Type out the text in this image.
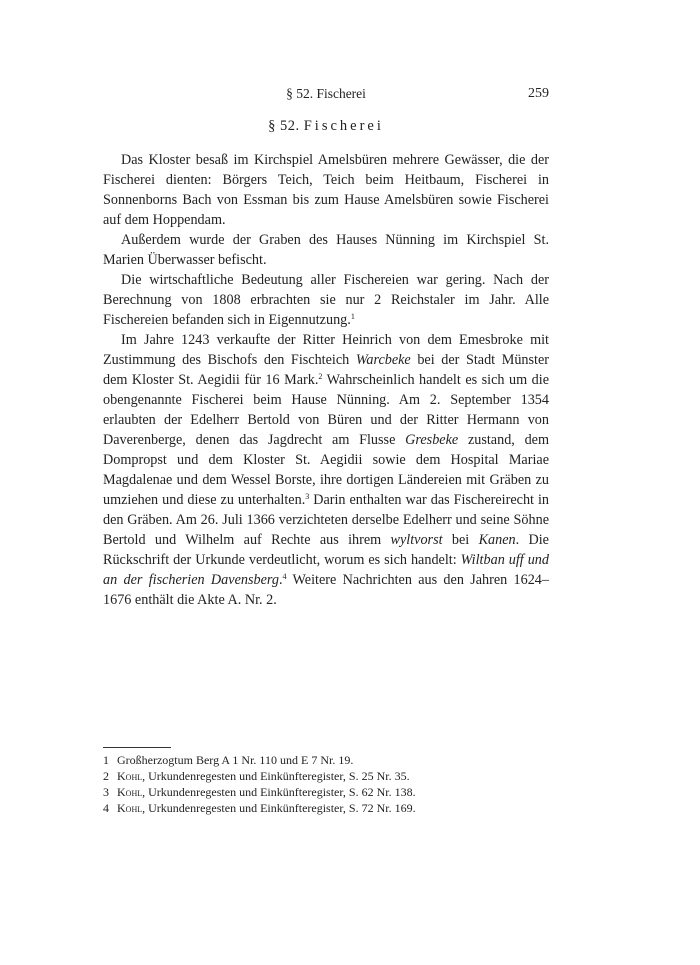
§ 52. Fischerei	259
§ 52. Fischerei

Das Kloster besaß im Kirchspiel Amelsbüren mehrere Gewässer, die der Fischerei dienten: Börgers Teich, Teich beim Heitbaum, Fischerei in Sonnenborns Bach von Essman bis zum Hause Amelsbüren sowie Fischerei auf dem Hoppendam.

Außerdem wurde der Graben des Hauses Nünning im Kirchspiel St. Marien Überwasser befischt.

Die wirtschaftliche Bedeutung aller Fischereien war gering. Nach der Berechnung von 1808 erbrachten sie nur 2 Reichstaler im Jahr. Alle Fischereien befanden sich in Eigennutzung.$^1$

Im Jahre 1243 verkaufte der Ritter Heinrich von dem Emesbroke mit Zustimmung des Bischofs den Fischteich Warcbeke bei der Stadt Münster dem Kloster St. Aegidii für 16 Mark.$^2$ Wahrscheinlich handelt es sich um die obengenannte Fischerei beim Hause Nünning. Am 2. September 1354 erlaubten der Edelherr Bertold von Büren und der Ritter Hermann von Daverenberge, denen das Jagdrecht am Flusse Gresbeke zustand, dem Dompropst und dem Kloster St. Aegidii sowie dem Hospital Mariae Magdalenae und dem Wessel Borste, ihre dortigen Ländereien mit Gräben zu umziehen und diese zu unterhalten.$^3$ Darin enthalten war das Fischereirecht in den Gräben. Am 26. Juli 1366 verzichteten derselbe Edelherr und seine Söhne Bertold und Wilhelm auf Rechte aus ihrem wyltvorst bei Kanen. Die Rückschrift der Urkunde verdeutlicht, worum es sich handelt: Wiltban uff und an der fischerien Davensberg.$^4$ Weitere Nachrichten aus den Jahren 1624–1676 enthält die Akte A. Nr. 2.

1 Großherzogtum Berg A 1 Nr. 110 und E 7 Nr. 19.
2 Kohl, Urkundenregesten und Einkünfteregister, S. 25 Nr. 35.
3 Kohl, Urkundenregesten und Einkünfteregister, S. 62 Nr. 138.
4 Kohl, Urkundenregesten und Einkünfteregister, S. 72 Nr. 169.
